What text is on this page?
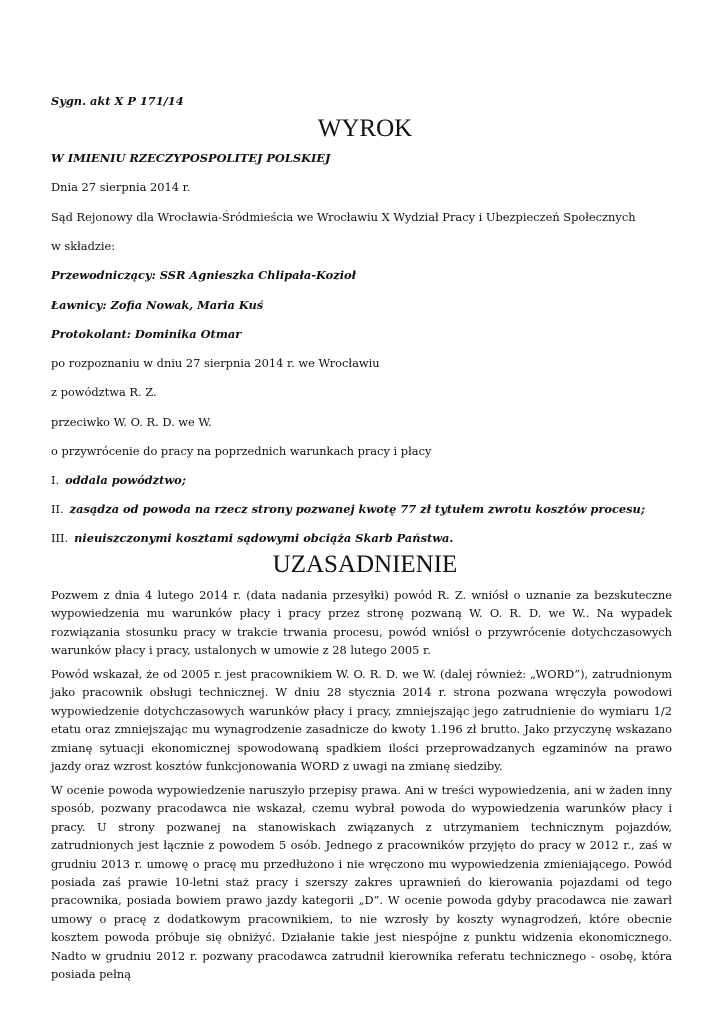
Sygn. akt X P 171/14
WYROK
W IMIENIU RZECZYPOSPOLITEJ POLSKIEJ
Dnia 27 sierpnia 2014 r.
Sąd Rejonowy dla Wrocławia-Śródmieścia we Wrocławiu X Wydział Pracy i Ubezpieczeń Społecznych
w składzie:
Przewodniczący: SSR Agnieszka Chlipała-Kozioł
Ławnicy: Zofia Nowak, Maria Kuś
Protokolant: Dominika Otmar
po rozpoznaniu w dniu 27 sierpnia 2014 r. we Wrocławiu
z powództwa R. Z.
przeciwko W. O. R. D. we W.
o przywrócenie do pracy na poprzednich warunkach pracy i płacy
I. oddala powództwo;
II. zasądza od powoda na rzecz strony pozwanej kwotę 77 zł tytułem zwrotu kosztów procesu;
III. nieuiszczonymi kosztami sądowymi obciąża Skarb Państwa.
UZASADNIENIE

Pozwem z dnia 4 lutego 2014 r. (data nadania przesyłki) powód R. Z. wniósł o uznanie za bezskuteczne wypowiedzenia mu warunków płacy i pracy przez stronę pozwaną W. O. R. D. we W.. Na wypadek rozwiązania stosunku pracy w trakcie trwania procesu, powód wniósł o przywrócenie dotychczasowych warunków płacy i pracy, ustalonych w umowie z 28 lutego 2005 r.

Powód wskazał, że od 2005 r. jest pracownikiem W. O. R. D. we W. (dalej również: „WORD”), zatrudnionym jako pracownik obsługi technicznej. W dniu 28 stycznia 2014 r. strona pozwana wręczyła powodowi wypowiedzenie dotychczasowych warunków płacy i pracy, zmniejszając jego zatrudnienie do wymiaru 1/2 etatu oraz zmniejszając mu wynagrodzenie zasadnicze do kwoty 1.196 zł brutto. Jako przyczynę wskazano zmianę sytuacji ekonomicznej spowodowaną spadkiem ilości przeprowadzanych egzaminów na prawo jazdy oraz wzrost kosztów funkcjonowania WORD z uwagi na zmianę siedziby.

W ocenie powoda wypowiedzenie naruszyło przepisy prawa. Ani w treści wypowiedzenia, ani w żaden inny sposób, pozwany pracodawca nie wskazał, czemu wybrał powoda do wypowiedzenia warunków płacy i pracy. U strony pozwanej na stanowiskach związanych z utrzymaniem technicznym pojazdów, zatrudnionych jest łącznie z powodem 5 osób. Jednego z pracowników przyjęto do pracy w 2012 r., zaś w grudniu 2013 r. umowę o pracę mu przedłużono i nie wręczono mu wypowiedzenia zmieniającego. Powód posiada zaś prawie 10-letni staż pracy i szerszy zakres uprawnień do kierowania pojazdami od tego pracownika, posiada bowiem prawo jazdy kategorii „D”. W ocenie powoda gdyby pracodawca nie zawarł umowy o pracę z dodatkowym pracownikiem, to nie wzrosły by koszty wynagrodzeń, które obecnie kosztem powoda próbuje się obniżyć. Działanie takie jest niespójne z punktu widzenia ekonomicznego. Nadto w grudniu 2012 r. pozwany pracodawca zatrudnił kierownika referatu technicznego - osobę, która posiada pełną
